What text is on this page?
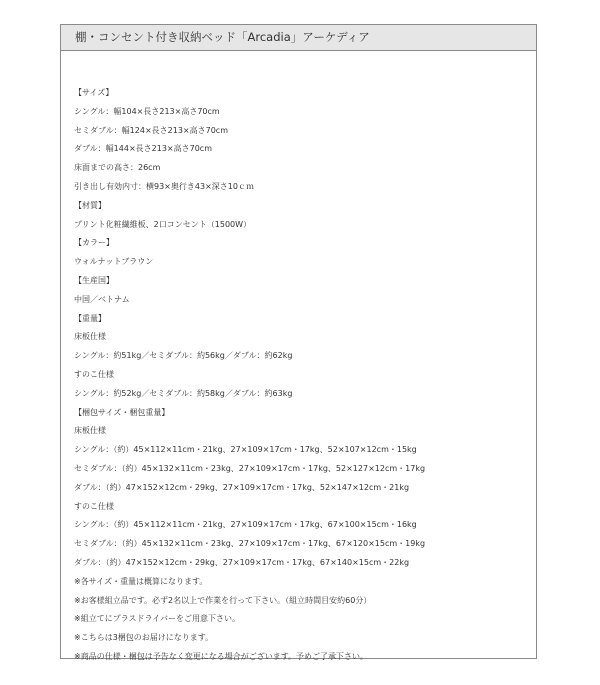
棚・コンセント付き収納ベッド「Arcadia」アーケディア
【サイズ】
シングル：幅104×長さ213×高さ70cm
セミダブル：幅124×長さ213×高さ70cm
ダブル：幅144×長さ213×高さ70cm
床面までの高さ：26cm
引き出し有効内寸：横93×奥行き43×深さ10ｃｍ
【材質】
プリント化粧繊維板、2口コンセント（1500W）
【カラー】
ウォルナットブラウン
【生産国】
中国／ベトナム
【重量】
床板仕様
シングル：約51kg／セミダブル：約56kg／ダブル：約62kg
すのこ仕様
シングル：約52kg／セミダブル：約58kg／ダブル：約63kg
【梱包サイズ・梱包重量】
床板仕様
シングル：（約）45×112×11cm・21kg、27×109×17cm・17kg、52×107×12cm・15kg
セミダブル：（約）45×132×11cm・23kg、27×109×17cm・17kg、52×127×12cm・17kg
ダブル：（約）47×152×12cm・29kg、27×109×17cm・17kg、52×147×12cm・21kg
すのこ仕様
シングル：（約）45×112×11cm・21kg、27×109×17cm・17kg、67×100×15cm・16kg
セミダブル：（約）45×132×11cm・23kg、27×109×17cm・17kg、67×120×15cm・19kg
ダブル：（約）47×152×12cm・29kg、27×109×17cm・17kg、67×140×15cm・22kg
※各サイズ・重量は概算になります。
※お客様組立品です。必ず2名以上で作業を行って下さい。（組立時間目安約60分）
※組立てにプラスドライバーをご用意下さい。
※こちらは3梱包のお届けになります。
※商品の仕様・梱包は予告なく変更になる場合がございます。予めご了承下さい。
